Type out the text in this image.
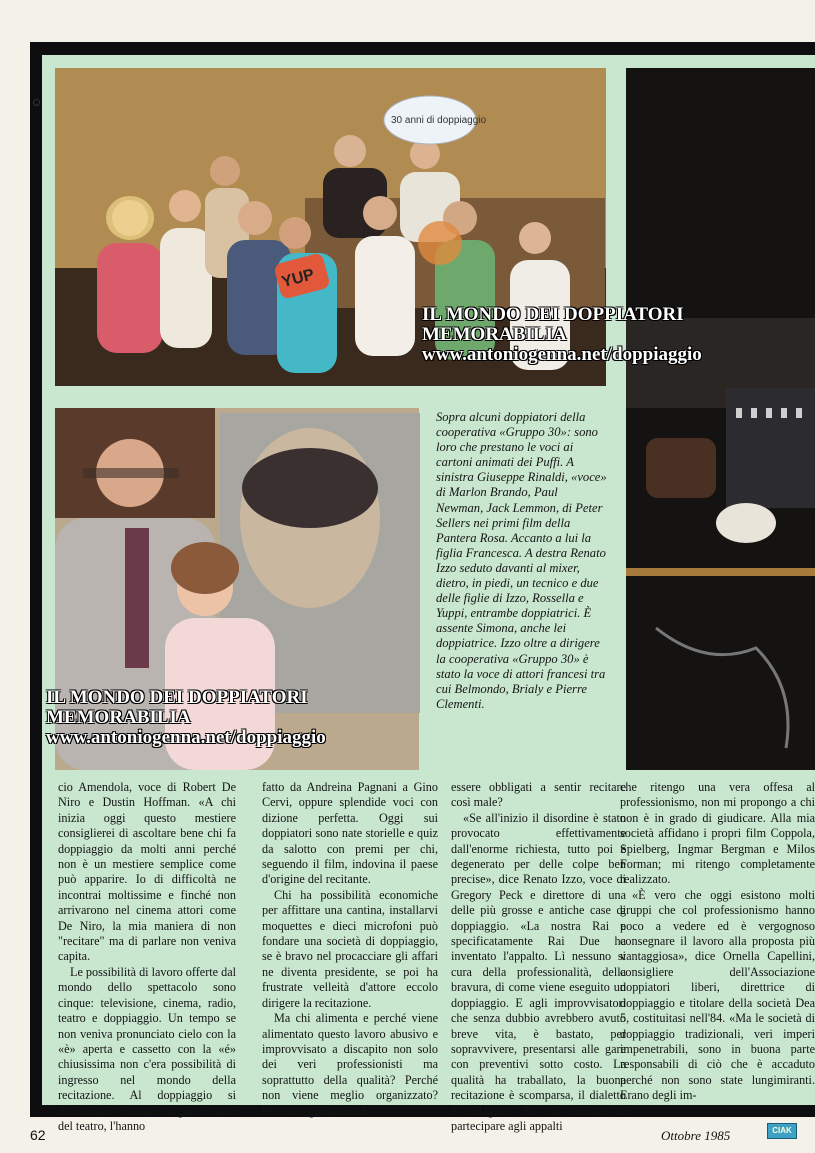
30 anni di doppiaggio
YUP
Sopra alcuni doppiatori della cooperativa «Gruppo 30»: sono loro che prestano le voci ai cartoni animati dei Puffi. A sinistra Giuseppe Rinaldi, «voce» di Marlon Brando, Paul Newman, Jack Lemmon, di Peter Sellers nei primi film della Pantera Rosa. Accanto a lui la figlia Francesca. A destra Renato Izzo seduto davanti al mixer, dietro, in piedi, un tecnico e due delle figlie di Izzo, Rossella e Yuppi, entrambe doppiatrici. È assente Simona, anche lei doppiatrice. Izzo oltre a dirigere la cooperativa «Gruppo 30» è stato la voce di attori francesi tra cui Belmondo, Brialy e Pierre Clementi.
IL MONDO DEI DOPPIATORI
MEMORABILIA
www.antoniogenna.net/doppiaggio
IL MONDO DEI DOPPIATORI
MEMORABILIA
www.antoniogenna.net/doppiaggio

cio Amendola, voce di Robert De Niro e Dustin Hoffman. «A chi inizia oggi questo mestiere consiglierei di ascoltare bene chi fa doppiaggio da molti anni perché non è un mestiere semplice come può apparire. Io di difficoltà ne incontrai moltissime e finché non arrivarono nel cinema attori come De Niro, la mia maniera di non "recitare" ma di parlare non veniva capita.

Le possibilità di lavoro offerte dal mondo dello spettacolo sono cinque: televisione, cinema, radio, teatro e doppiaggio. Un tempo se non veniva pronunciato cielo con la «è» aperta e cassetto con la «é» chiusissima non c'era possibilità di ingresso nel mondo della recitazione. Al doppiaggio si dedicavano i nostri migliori attori del teatro, l'hanno

fatto da Andreina Pagnani a Gino Cervi, oppure splendide voci con dizione perfetta. Oggi sui doppiatori sono nate storielle e quiz da salotto con premi per chi, seguendo il film, indovina il paese d'origine del recitante.

Chi ha possibilità economiche per affittare una cantina, installarvi moquettes e dieci microfoni può fondare una società di doppiaggio, se è bravo nel procacciare gli affari ne diventa presidente, se poi ha frustrate velleità d'attore eccolo dirigere la recitazione.

Ma chi alimenta e perché viene alimentato questo lavoro abusivo e improvvisato a discapito non solo dei veri professionisti ma soprattutto della qualità? Perché non viene meglio organizzato? Perché seguitiamo ad

essere obbligati a sentir recitare così male?

«Se all'inizio il disordine è stato provocato effettivamente dall'enorme richiesta, tutto poi è degenerato per delle colpe ben precise», dice Renato Izzo, voce di Gregory Peck e direttore di una delle più grosse e antiche case di doppiaggio. «La nostra Rai e specificatamente Rai Due ha inventato l'appalto. Lì nessuno si cura della professionalità, della bravura, di come viene eseguito un doppiaggio. E agli improvvisatori che senza dubbio avrebbero avuto breve vita, è bastato, per sopravvivere, presentarsi alle gare con preventivi sotto costo. La qualità ha traballato, la buona recitazione è scomparsa, il dialetto è dilagato. Io mi rifiuto di partecipare agli appalti

che ritengo una vera offesa al professionismo, non mi propongo a chi non è in grado di giudicare. Alla mia società affidano i propri film Coppola, Spielberg, Ingmar Bergman e Milos Forman; mi ritengo completamente realizzato.

«È vero che oggi esistono molti gruppi che col professionismo hanno poco a vedere ed è vergognoso consegnare il lavoro alla proposta più vantaggiosa», dice Ornella Capellini, consigliere dell'Associazione doppiatori liberi, direttrice di doppiaggio e titolare della società Dea 5, costituitasi nell'84. «Ma le società di doppiaggio tradizionali, veri imperi impenetrabili, sono in buona parte responsabili di ciò che è accaduto perché non sono state lungimiranti. Erano degli im-

62	Ottobre 1985	CIAK
